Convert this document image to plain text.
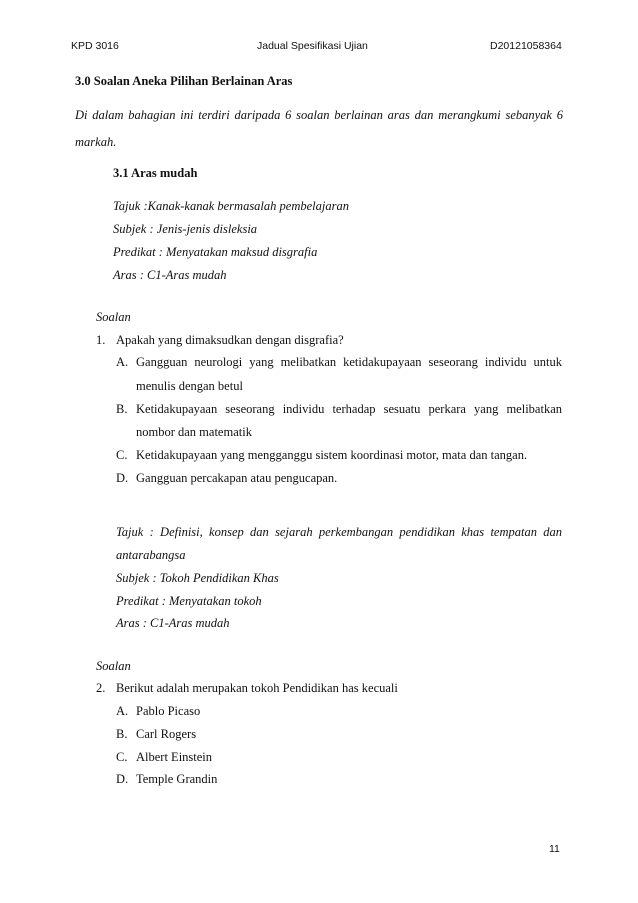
KPD 3016	Jadual Spesifikasi Ujian	D20121058364
3.0 Soalan Aneka Pilihan Berlainan Aras
Di dalam bahagian ini terdiri daripada 6 soalan berlainan aras dan merangkumi sebanyak 6
markah.
3.1 Aras mudah
Tajuk :Kanak-kanak bermasalah pembelajaran
Subjek : Jenis-jenis disleksia
Predikat : Menyatakan maksud disgrafia
Aras : C1-Aras mudah
Soalan
1. Apakah yang dimaksudkan dengan disgrafia?
A. Gangguan neurologi yang melibatkan ketidakupayaan seseorang individu untuk
menulis dengan betul
B. Ketidakupayaan seseorang individu terhadap sesuatu perkara yang melibatkan
nombor dan matematik
C. Ketidakupayaan yang mengganggu sistem koordinasi motor, mata dan tangan.
D. Gangguan percakapan atau pengucapan.
Tajuk : Definisi, konsep dan sejarah perkembangan pendidikan khas tempatan dan
antarabangsa
Subjek : Tokoh Pendidikan Khas
Predikat : Menyatakan tokoh
Aras : C1-Aras mudah
Soalan
2. Berikut adalah merupakan tokoh Pendidikan has kecuali
A. Pablo Picaso
B. Carl Rogers
C. Albert Einstein
D. Temple Grandin
11
